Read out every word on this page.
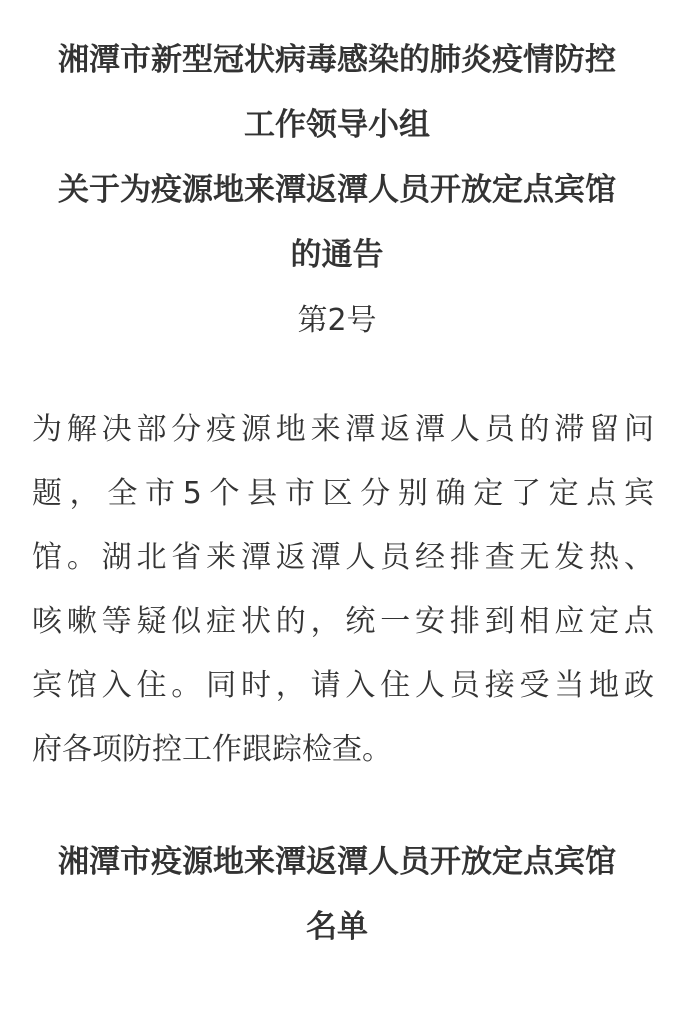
湘潭市新型冠状病毒感染的肺炎疫情防控
工作领导小组
关于为疫源地来潭返潭人员开放定点宾馆
的通告
第2号
为解决部分疫源地来潭返潭人员的滞留问
题，全市5个县市区分别确定了定点宾
馆。湖北省来潭返潭人员经排查无发热、
咳嗽等疑似症状的，统一安排到相应定点
宾馆入住。同时，请入住人员接受当地政
府各项防控工作跟踪检查。
湘潭市疫源地来潭返潭人员开放定点宾馆
名单
